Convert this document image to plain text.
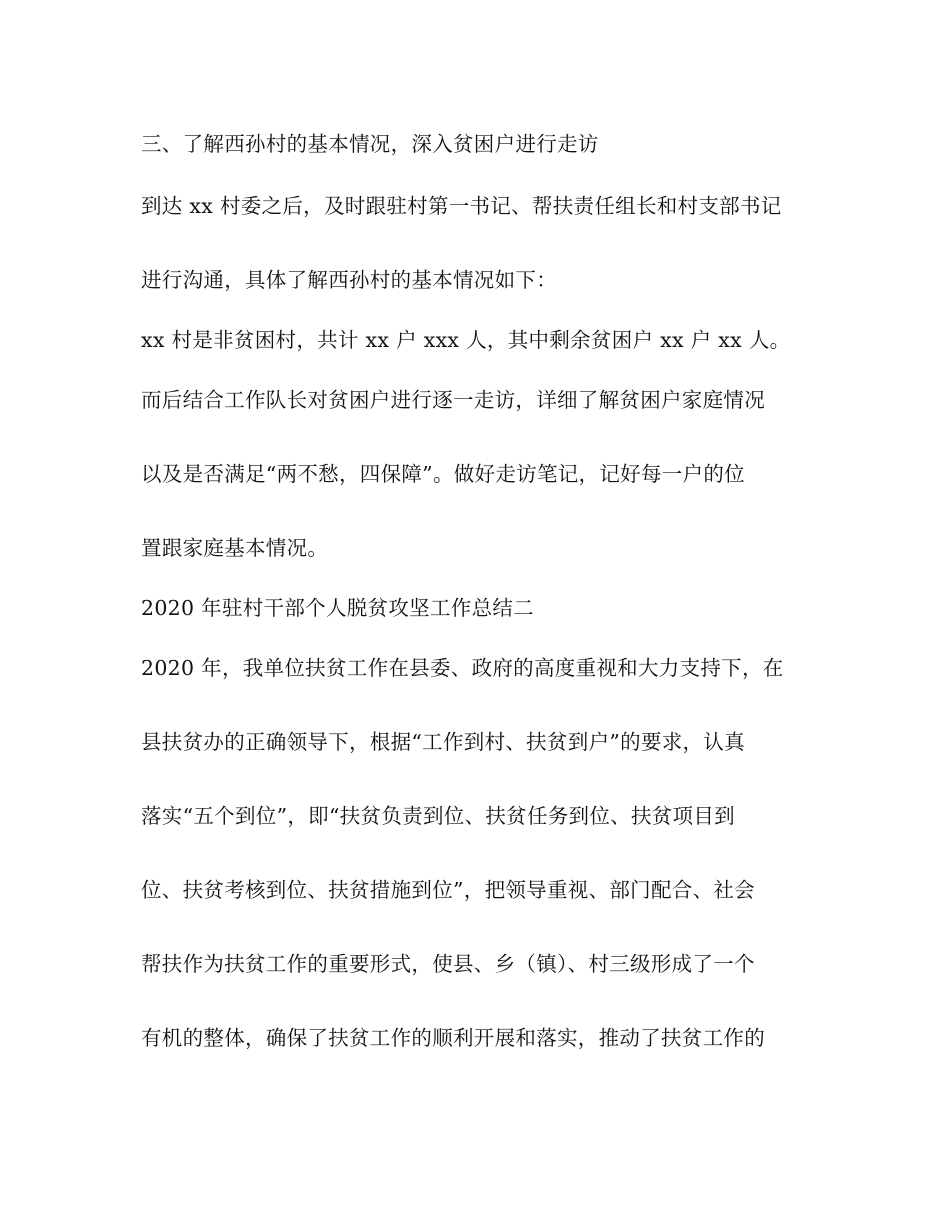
三、了解西孙村的基本情况，深入贫困户进行走访
到达 xx 村委之后，及时跟驻村第一书记、帮扶责任组长和村支部书记
进行沟通，具体了解西孙村的基本情况如下：
xx 村是非贫困村，共计 xx 户 xxx 人，其中剩余贫困户 xx 户 xx 人。
而后结合工作队长对贫困户进行逐一走访，详细了解贫困户家庭情况
以及是否满足“两不愁，四保障”。做好走访笔记，记好每一户的位
置跟家庭基本情况。
2020 年驻村干部个人脱贫攻坚工作总结二
2020 年，我单位扶贫工作在县委、政府的高度重视和大力支持下，在
县扶贫办的正确领导下，根据“工作到村、扶贫到户”的要求，认真
落实“五个到位”，即“扶贫负责到位、扶贫任务到位、扶贫项目到
位、扶贫考核到位、扶贫措施到位”，把领导重视、部门配合、社会
帮扶作为扶贫工作的重要形式，使县、乡（镇）、村三级形成了一个
有机的整体，确保了扶贫工作的顺利开展和落实，推动了扶贫工作的
